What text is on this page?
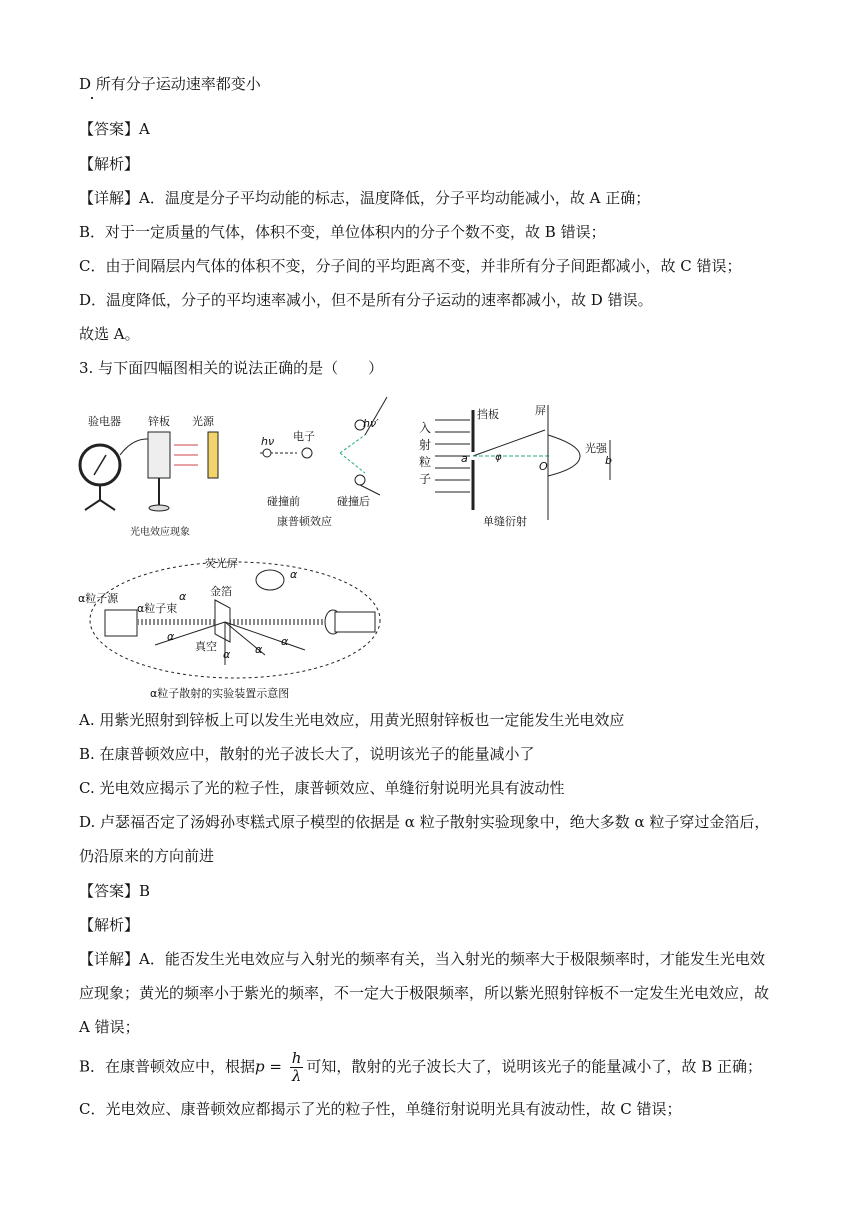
D 所有分子运动速率都变小
【答案】A
【解析】
【详解】A．温度是分子平均动能的标志，温度降低，分子平均动能减小，故 A 正确；
B．对于一定质量的气体，体积不变，单位体积内的分子个数不变，故 B 错误；
C．由于间隔层内气体的体积不变，分子间的平均距离不变，并非所有分子间距都减小，故 C 错误；
D．温度降低，分子的平均速率减小，但不是所有分子运动的速率都减小，故 D 错误。
故选 A。
3. 与下面四幅图相关的说法正确的是（　　）
验电器 锌板 光源
光电效应现象
hν 电子
hν′
碰撞前	碰撞后
康普顿效应
入
射
粒
子
挡板	屏
a	φ
O
光强
b
单缝衍射
荧光屏
金箔
α粒子源
α粒子束
真空
α
α
α α
α
α
α粒子散射的实验装置示意图
A. 用紫光照射到锌板上可以发生光电效应，用黄光照射锌板也一定能发生光电效应
B. 在康普顿效应中，散射的光子波长大了，说明该光子的能量减小了
C. 光电效应揭示了光的粒子性，康普顿效应、单缝衍射说明光具有波动性
D. 卢瑟福否定了汤姆孙枣糕式原子模型的依据是 α 粒子散射实验现象中，绝大多数 α 粒子穿过金箔后，
仍沿原来的方向前进
【答案】B
【解析】
【详解】A．能否发生光电效应与入射光的频率有关，当入射光的频率大于极限频率时，才能发生光电效
应现象；黄光的频率小于紫光的频率，不一定大于极限频率，所以紫光照射锌板不一定发生光电效应，故
A 错误；
B．在康普顿效应中，根据$p = \frac{h}{\lambda}$ 可知，散射的光子波长大了，说明该光子的能量减小了，故 B 正确；
C．光电效应、康普顿效应都揭示了光的粒子性，单缝衍射说明光具有波动性，故 C 错误；
